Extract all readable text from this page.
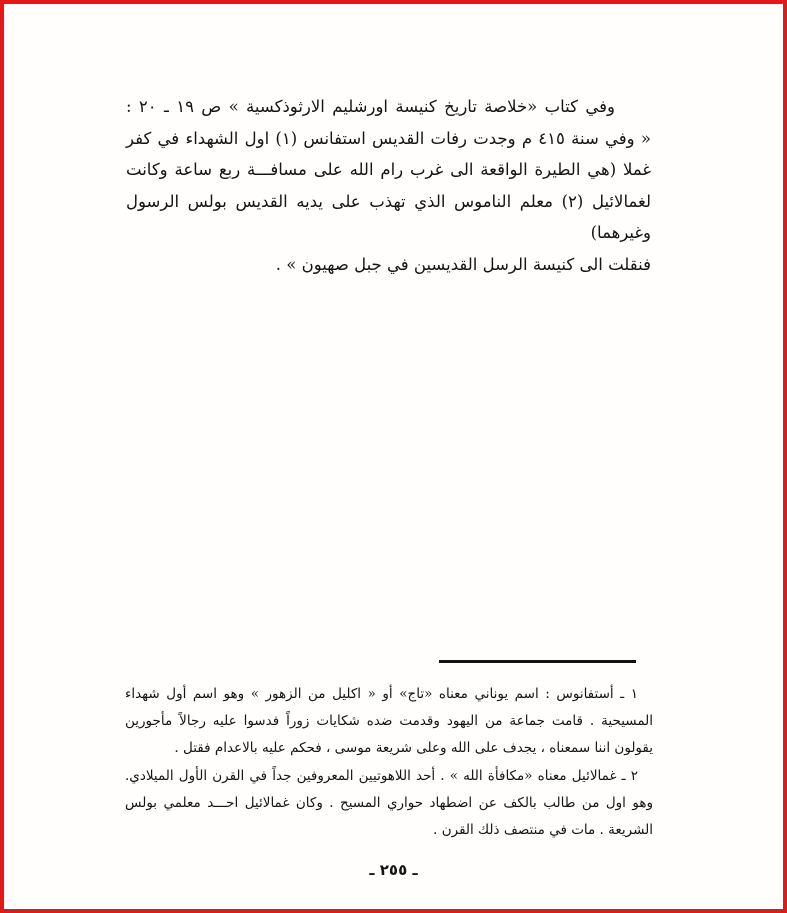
وفي كتاب «خلاصة تاريخ كنيسة اورشليم الارثوذكسية » ص ١٩ ـ ٢٠ :
« وفي سنة ٤١٥ م وجدت رفات القديس استفانس (١) اول الشهداء في كفر
غملا (هي الطيرة الواقعة الى غرب رام الله على مسافـــة ربع ساعة وكانت
لغمالائيل (٢) معلم الناموس الذي تهذب على يديه القديس بولس الرسول وغيرهما)
فنقلت الى كنيسة الرسل القديسين في جبل صهيون » .
١ ـ أستفانوس : اسم يوناني معناه «تاج» أو « اكليل من الزهور » وهو اسم أول شهداء
المسيحية . قامت جماعة من اليهود وقدمت ضده شكايات زوراً فدسوا عليه رجالاً مأجورين
يقولون اننا سمعناه ، يجدف على الله وعلى شريعة موسى ، فحكم عليه بالاعدام فقتل .
٢ ـ غمالائيل معناه «مكافأة الله » . أحد اللاهوتيين المعروفين جداً في القرن الأول الميلادي.
وهو اول من طالب بالكف عن اضطهاد حواري المسيح . وكان غمالائيل احـــد معلمي بولس
الشريعة . مات في منتصف ذلك القرن .
ـ ٢٥٥ ـ
